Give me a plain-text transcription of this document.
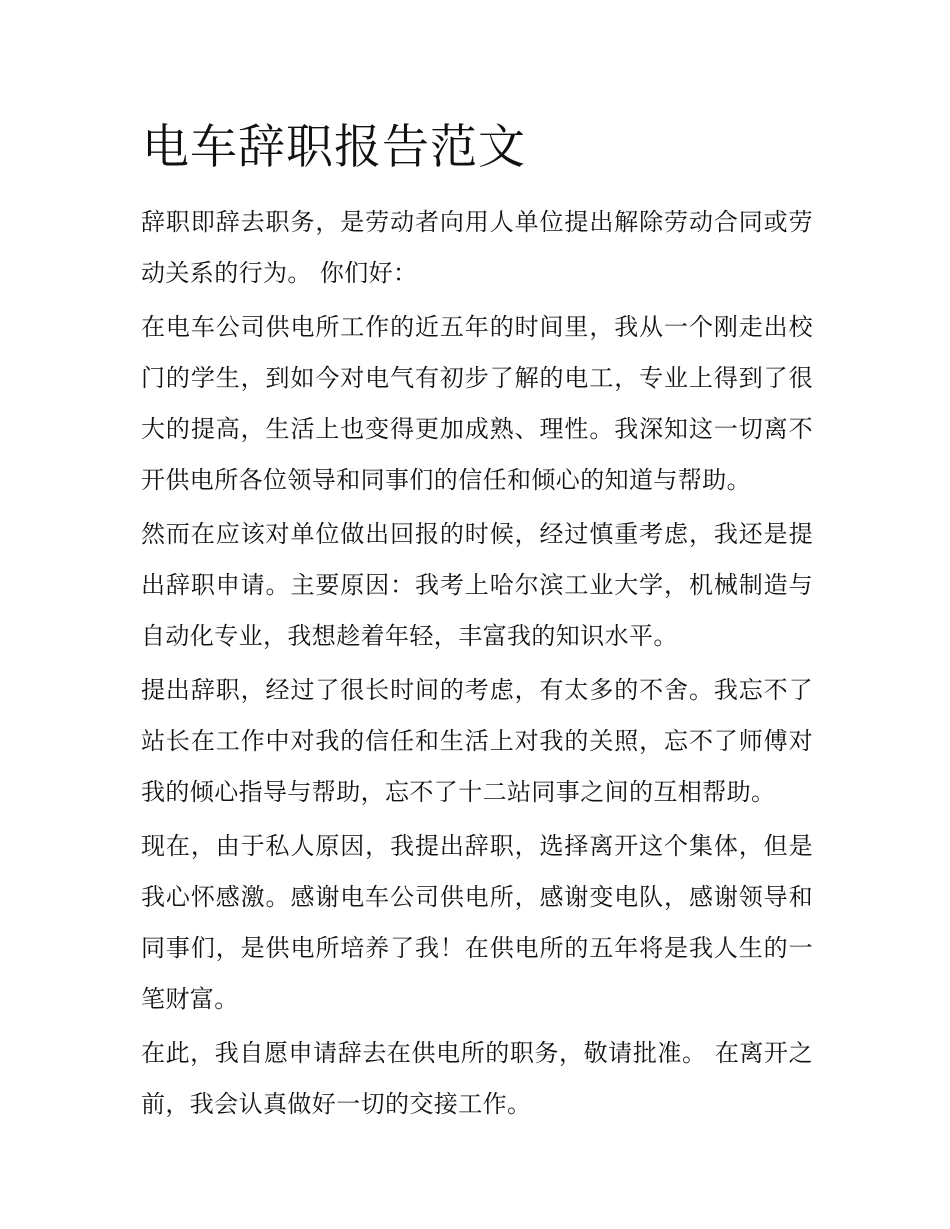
电车辞职报告范文

辞职即辞去职务，是劳动者向用人单位提出解除劳动合同或劳动关系的行为。 你们好：

在电车公司供电所工作的近五年的时间里，我从一个刚走出校门的学生，到如今对电气有初步了解的电工，专业上得到了很大的提高，生活上也变得更加成熟、理性。我深知这一切离不开供电所各位领导和同事们的信任和倾心的知道与帮助。

然而在应该对单位做出回报的时候，经过慎重考虑，我还是提出辞职申请。主要原因：我考上哈尔滨工业大学，机械制造与自动化专业，我想趁着年轻，丰富我的知识水平。

提出辞职，经过了很长时间的考虑，有太多的不舍。我忘不了站长在工作中对我的信任和生活上对我的关照，忘不了师傅对我的倾心指导与帮助，忘不了十二站同事之间的互相帮助。

现在，由于私人原因，我提出辞职，选择离开这个集体，但是我心怀感激。感谢电车公司供电所，感谢变电队，感谢领导和同事们，是供电所培养了我！在供电所的五年将是我人生的一笔财富。

在此，我自愿申请辞去在供电所的职务，敬请批准。 在离开之前，我会认真做好一切的交接工作。
